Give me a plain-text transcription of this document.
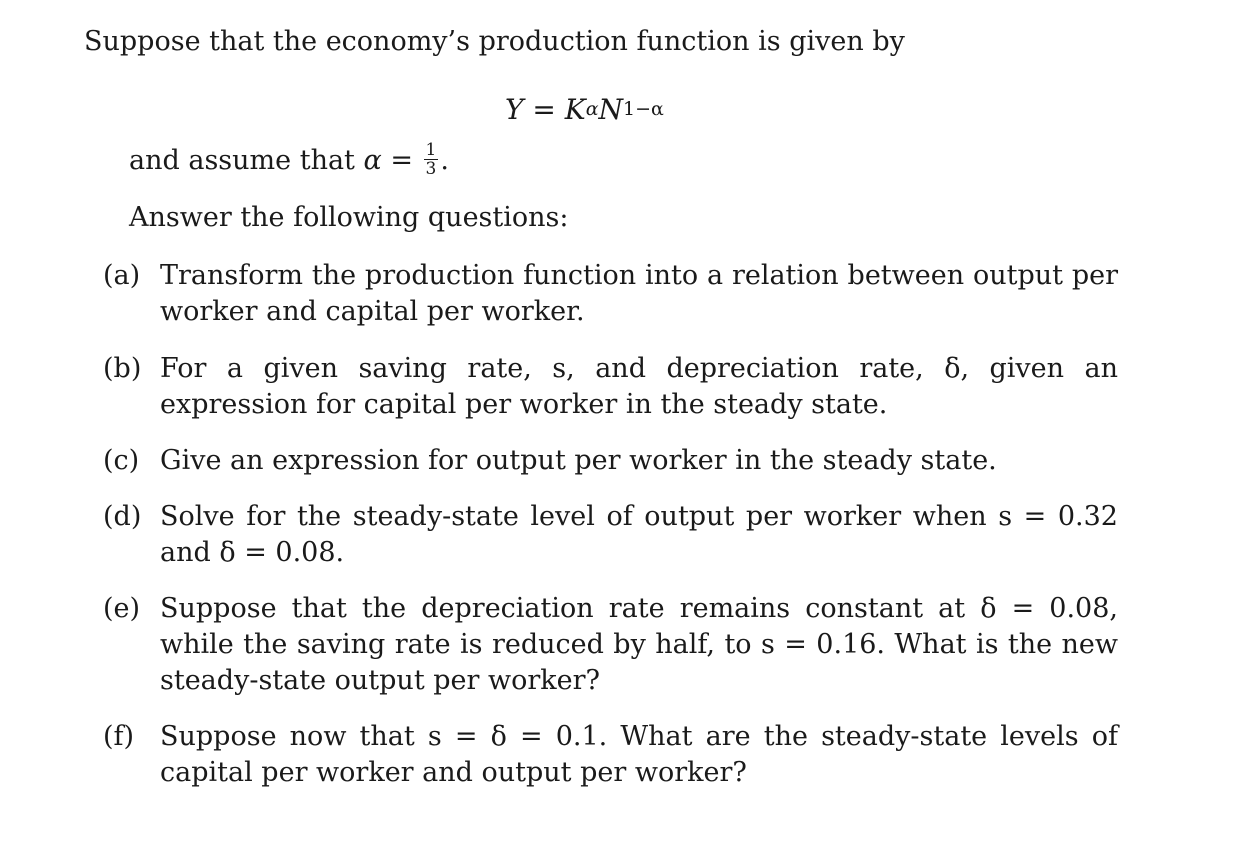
Suppose that the economy’s production function is given by
$Y = K^\alpha N^{1-\alpha}$
and assume that $\alpha = \frac{1}{3}$ .
Answer the following questions:
(a) Transform the production function into a relation between output per worker and capital per worker.
(b) For a given saving rate, s, and depreciation rate, δ, given an expression for capital per worker in the steady state.
(c) Give an expression for output per worker in the steady state.
(d) Solve for the steady-state level of output per worker when s = 0.32 and δ = 0.08.
(e) Suppose that the depreciation rate remains constant at δ = 0.08, while the saving rate is reduced by half, to s = 0.16. What is the new steady-state output per worker?
(f) Suppose now that s = δ = 0.1. What are the steady-state levels of capital per worker and output per worker?
